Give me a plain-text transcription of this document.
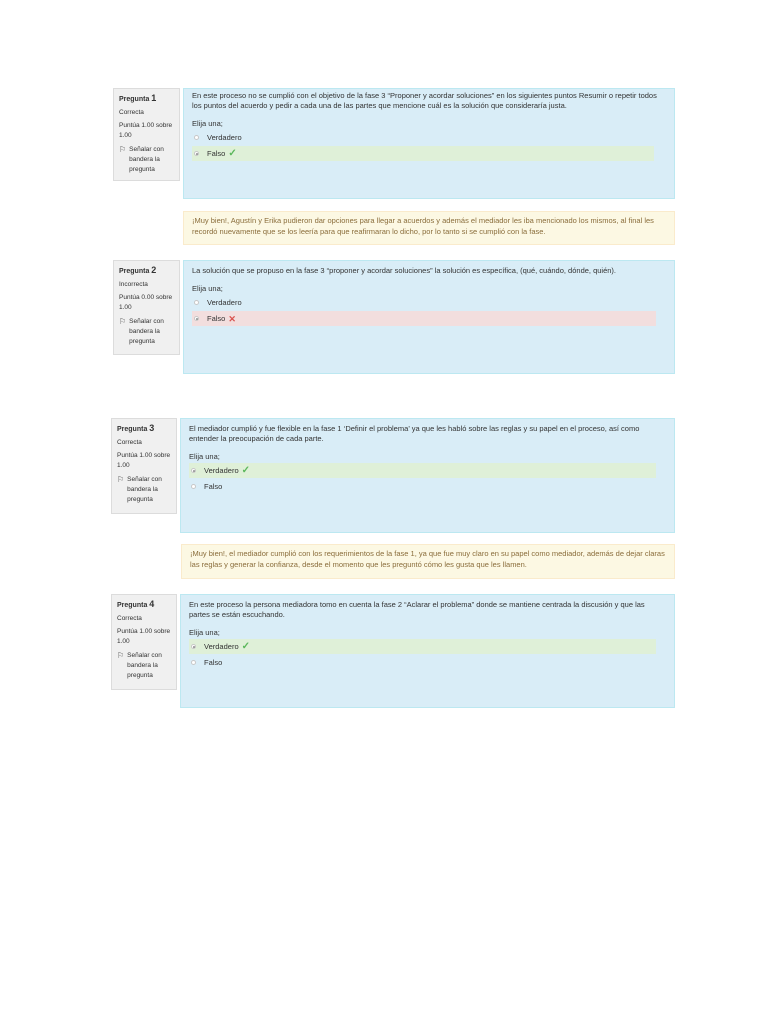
Pregunta 1
Correcta
Puntúa 1.00 sobre 1.00
⚐ Señalar con bandera la pregunta
En este proceso no se cumplió con el objetivo de la fase 3 “Proponer y acordar soluciones” en los siguientes puntos Resumir o repetir todos los puntos del acuerdo y pedir a cada una de las partes que mencione cuál es la solución que consideraría justa.
Elija una;
Verdadero
Falso ✓
¡Muy bien!, Agustín y Erika pudieron dar opciones para llegar a acuerdos y además el mediador les iba mencionado los mismos, al final les recordó nuevamente que se los leería para que reafirmaran lo dicho, por lo tanto si se cumplió con la fase.
Pregunta 2
Incorrecta
Puntúa 0.00 sobre 1.00
⚐ Señalar con bandera la pregunta
La solución que se propuso en la fase 3 “proponer y acordar soluciones” la solución es específica, (qué, cuándo, dónde, quién).
Elija una;
Verdadero
Falso ✕
Pregunta 3
Correcta
Puntúa 1.00 sobre 1.00
⚐ Señalar con bandera la pregunta
El mediador cumplió y fue flexible en la fase 1 ‘Definir el problema’ ya que les habló sobre las reglas y su papel en el proceso, así como entender la preocupación de cada parte.
Elija una;
Verdadero ✓
Falso
¡Muy bien!, el mediador cumplió con los requerimientos de la fase 1, ya que fue muy claro en su papel como mediador, además de dejar claras las reglas y generar la confianza, desde el momento que les preguntó cómo les gusta que les llamen.
Pregunta 4
Correcta
Puntúa 1.00 sobre 1.00
⚐ Señalar con bandera la pregunta
En este proceso la persona mediadora tomo en cuenta la fase 2 “Aclarar el problema” donde se mantiene centrada la discusión y que las partes se están escuchando.
Elija una;
Verdadero ✓
Falso
